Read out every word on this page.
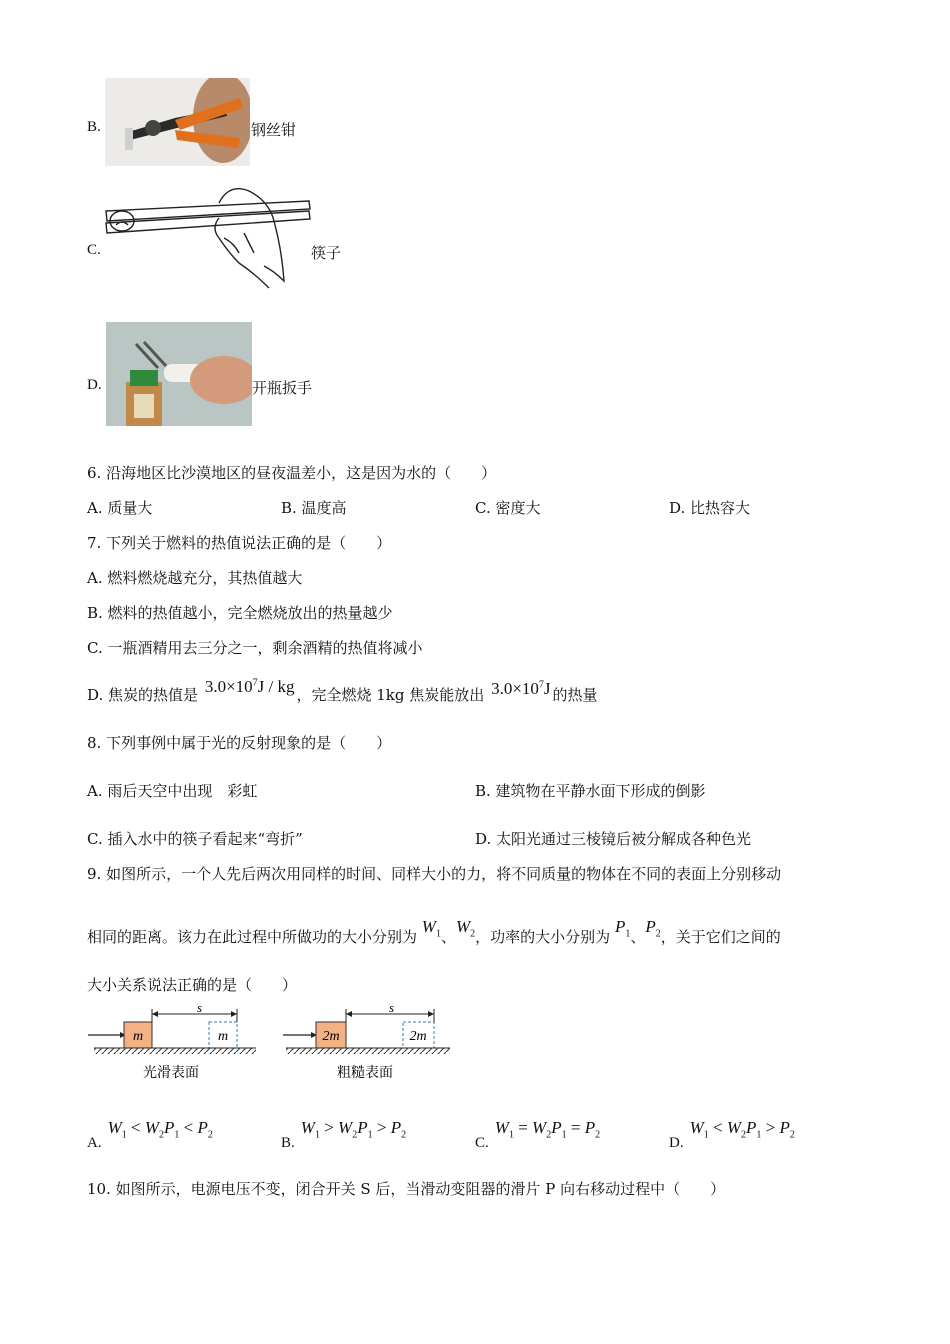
B.	钢丝钳
C.	筷子
D.	开瓶扳手
6. 沿海地区比沙漠地区的昼夜温差小，这是因为水的（　　）
A. 质量大	B. 温度高	C. 密度大	D. 比热容大
7. 下列关于燃料的热值说法正确的是（　　）
A. 燃料燃烧越充分，其热值越大
B. 燃料的热值越小，完全燃烧放出的热量越少
C. 一瓶酒精用去三分之一，剩余酒精的热值将减小
D. 焦炭的热值是 $3.0\times 10^7J$ / kg ，完全燃烧 1kg 焦炭能放出 $3.0\times 10^7J$ 的热量
8. 下列事例中属于光的反射现象的是（　　）
A. 雨后天空中出现　彩虹	B. 建筑物在平静水面下形成的倒影
C. 插入水中的筷子看起来“弯折”	D. 太阳光通过三棱镜后被分解成各种色光
9. 如图所示，一个人先后两次用同样的时间、同样大小的力，将不同质量的物体在不同的表面上分别移动
相同的距离。该力在此过程中所做功的大小分别为 $W_1$、$W_2$，功率的大小分别为 $P_1$、$P_2$，关于它们之间的
大小关系说法正确的是（　　）
m	m
s
光滑表面
2m	2m
s
粗糙表面
$A.W_1 < W_2P_1 < P_2$
$B.W_1 > W_2P_1 > P_2$
$C.W_1 = W_2P_1 = P_2$
$D.W_1 < W_2P_1 > P_2$
10. 如图所示，电源电压不变，闭合开关 S 后，当滑动变阻器的滑片 P 向右移动过程中（　　）
